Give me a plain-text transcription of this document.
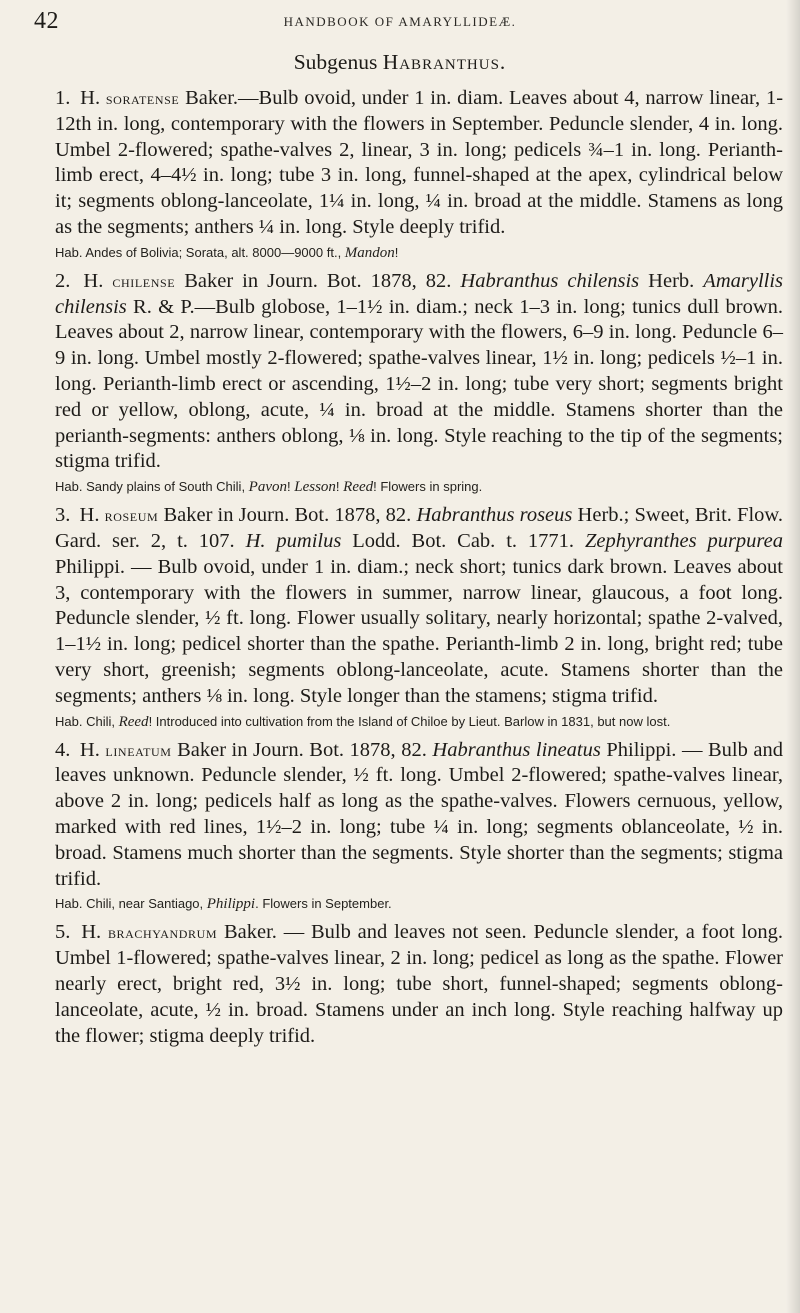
42	HANDBOOK OF AMARYLLIDEÆ.
Subgenus Habranthus.

1. H. soratense Baker.—Bulb ovoid, under 1 in. diam. Leaves about 4, narrow linear, 1-12th in. long, contemporary with the flowers in September. Peduncle slender, 4 in. long. Umbel 2-flowered; spathe-valves 2, linear, 3 in. long; pedicels ¾–1 in. long. Perianth-limb erect, 4–4½ in. long; tube 3 in. long, funnel-shaped at the apex, cylindrical below it; segments oblong-lanceolate, 1¼ in. long, ¼ in. broad at the middle. Stamens as long as the segments; anthers ¼ in. long. Style deeply trifid.

Hab. Andes of Bolivia; Sorata, alt. 8000—9000 ft., Mandon!

2. H. chilense Baker in Journ. Bot. 1878, 82. Habranthus chilensis Herb. Amaryllis chilensis R. & P.—Bulb globose, 1–1½ in. diam.; neck 1–3 in. long; tunics dull brown. Leaves about 2, narrow linear, contemporary with the flowers, 6–9 in. long. Peduncle 6–9 in. long. Umbel mostly 2-flowered; spathe-valves linear, 1½ in. long; pedicels ½–1 in. long. Perianth-limb erect or ascending, 1½–2 in. long; tube very short; segments bright red or yellow, oblong, acute, ¼ in. broad at the middle. Stamens shorter than the perianth-segments: anthers oblong, ⅛ in. long. Style reaching to the tip of the segments; stigma trifid.

Hab. Sandy plains of South Chili, Pavon! Lesson! Reed! Flowers in spring.

3. H. roseum Baker in Journ. Bot. 1878, 82. Habranthus roseus Herb.; Sweet, Brit. Flow. Gard. ser. 2, t. 107. H. pumilus Lodd. Bot. Cab. t. 1771. Zephyranthes purpurea Philippi. — Bulb ovoid, under 1 in. diam.; neck short; tunics dark brown. Leaves about 3, contemporary with the flowers in summer, narrow linear, glaucous, a foot long. Peduncle slender, ½ ft. long. Flower usually solitary, nearly horizontal; spathe 2-valved, 1–1½ in. long; pedicel shorter than the spathe. Perianth-limb 2 in. long, bright red; tube very short, greenish; segments oblong-lanceolate, acute. Stamens shorter than the segments; anthers ⅛ in. long. Style longer than the stamens; stigma trifid.

Hab. Chili, Reed! Introduced into cultivation from the Island of Chiloe by Lieut. Barlow in 1831, but now lost.

4. H. lineatum Baker in Journ. Bot. 1878, 82. Habranthus lineatus Philippi. — Bulb and leaves unknown. Peduncle slender, ½ ft. long. Umbel 2-flowered; spathe-valves linear, above 2 in. long; pedicels half as long as the spathe-valves. Flowers cernuous, yellow, marked with red lines, 1½–2 in. long; tube ¼ in. long; segments oblanceolate, ½ in. broad. Stamens much shorter than the segments. Style shorter than the segments; stigma trifid.

Hab. Chili, near Santiago, Philippi. Flowers in September.

5. H. brachyandrum Baker. — Bulb and leaves not seen. Peduncle slender, a foot long. Umbel 1-flowered; spathe-valves linear, 2 in. long; pedicel as long as the spathe. Flower nearly erect, bright red, 3½ in. long; tube short, funnel-shaped; segments oblong-lanceolate, acute, ½ in. broad. Stamens under an inch long. Style reaching halfway up the flower; stigma deeply trifid.
